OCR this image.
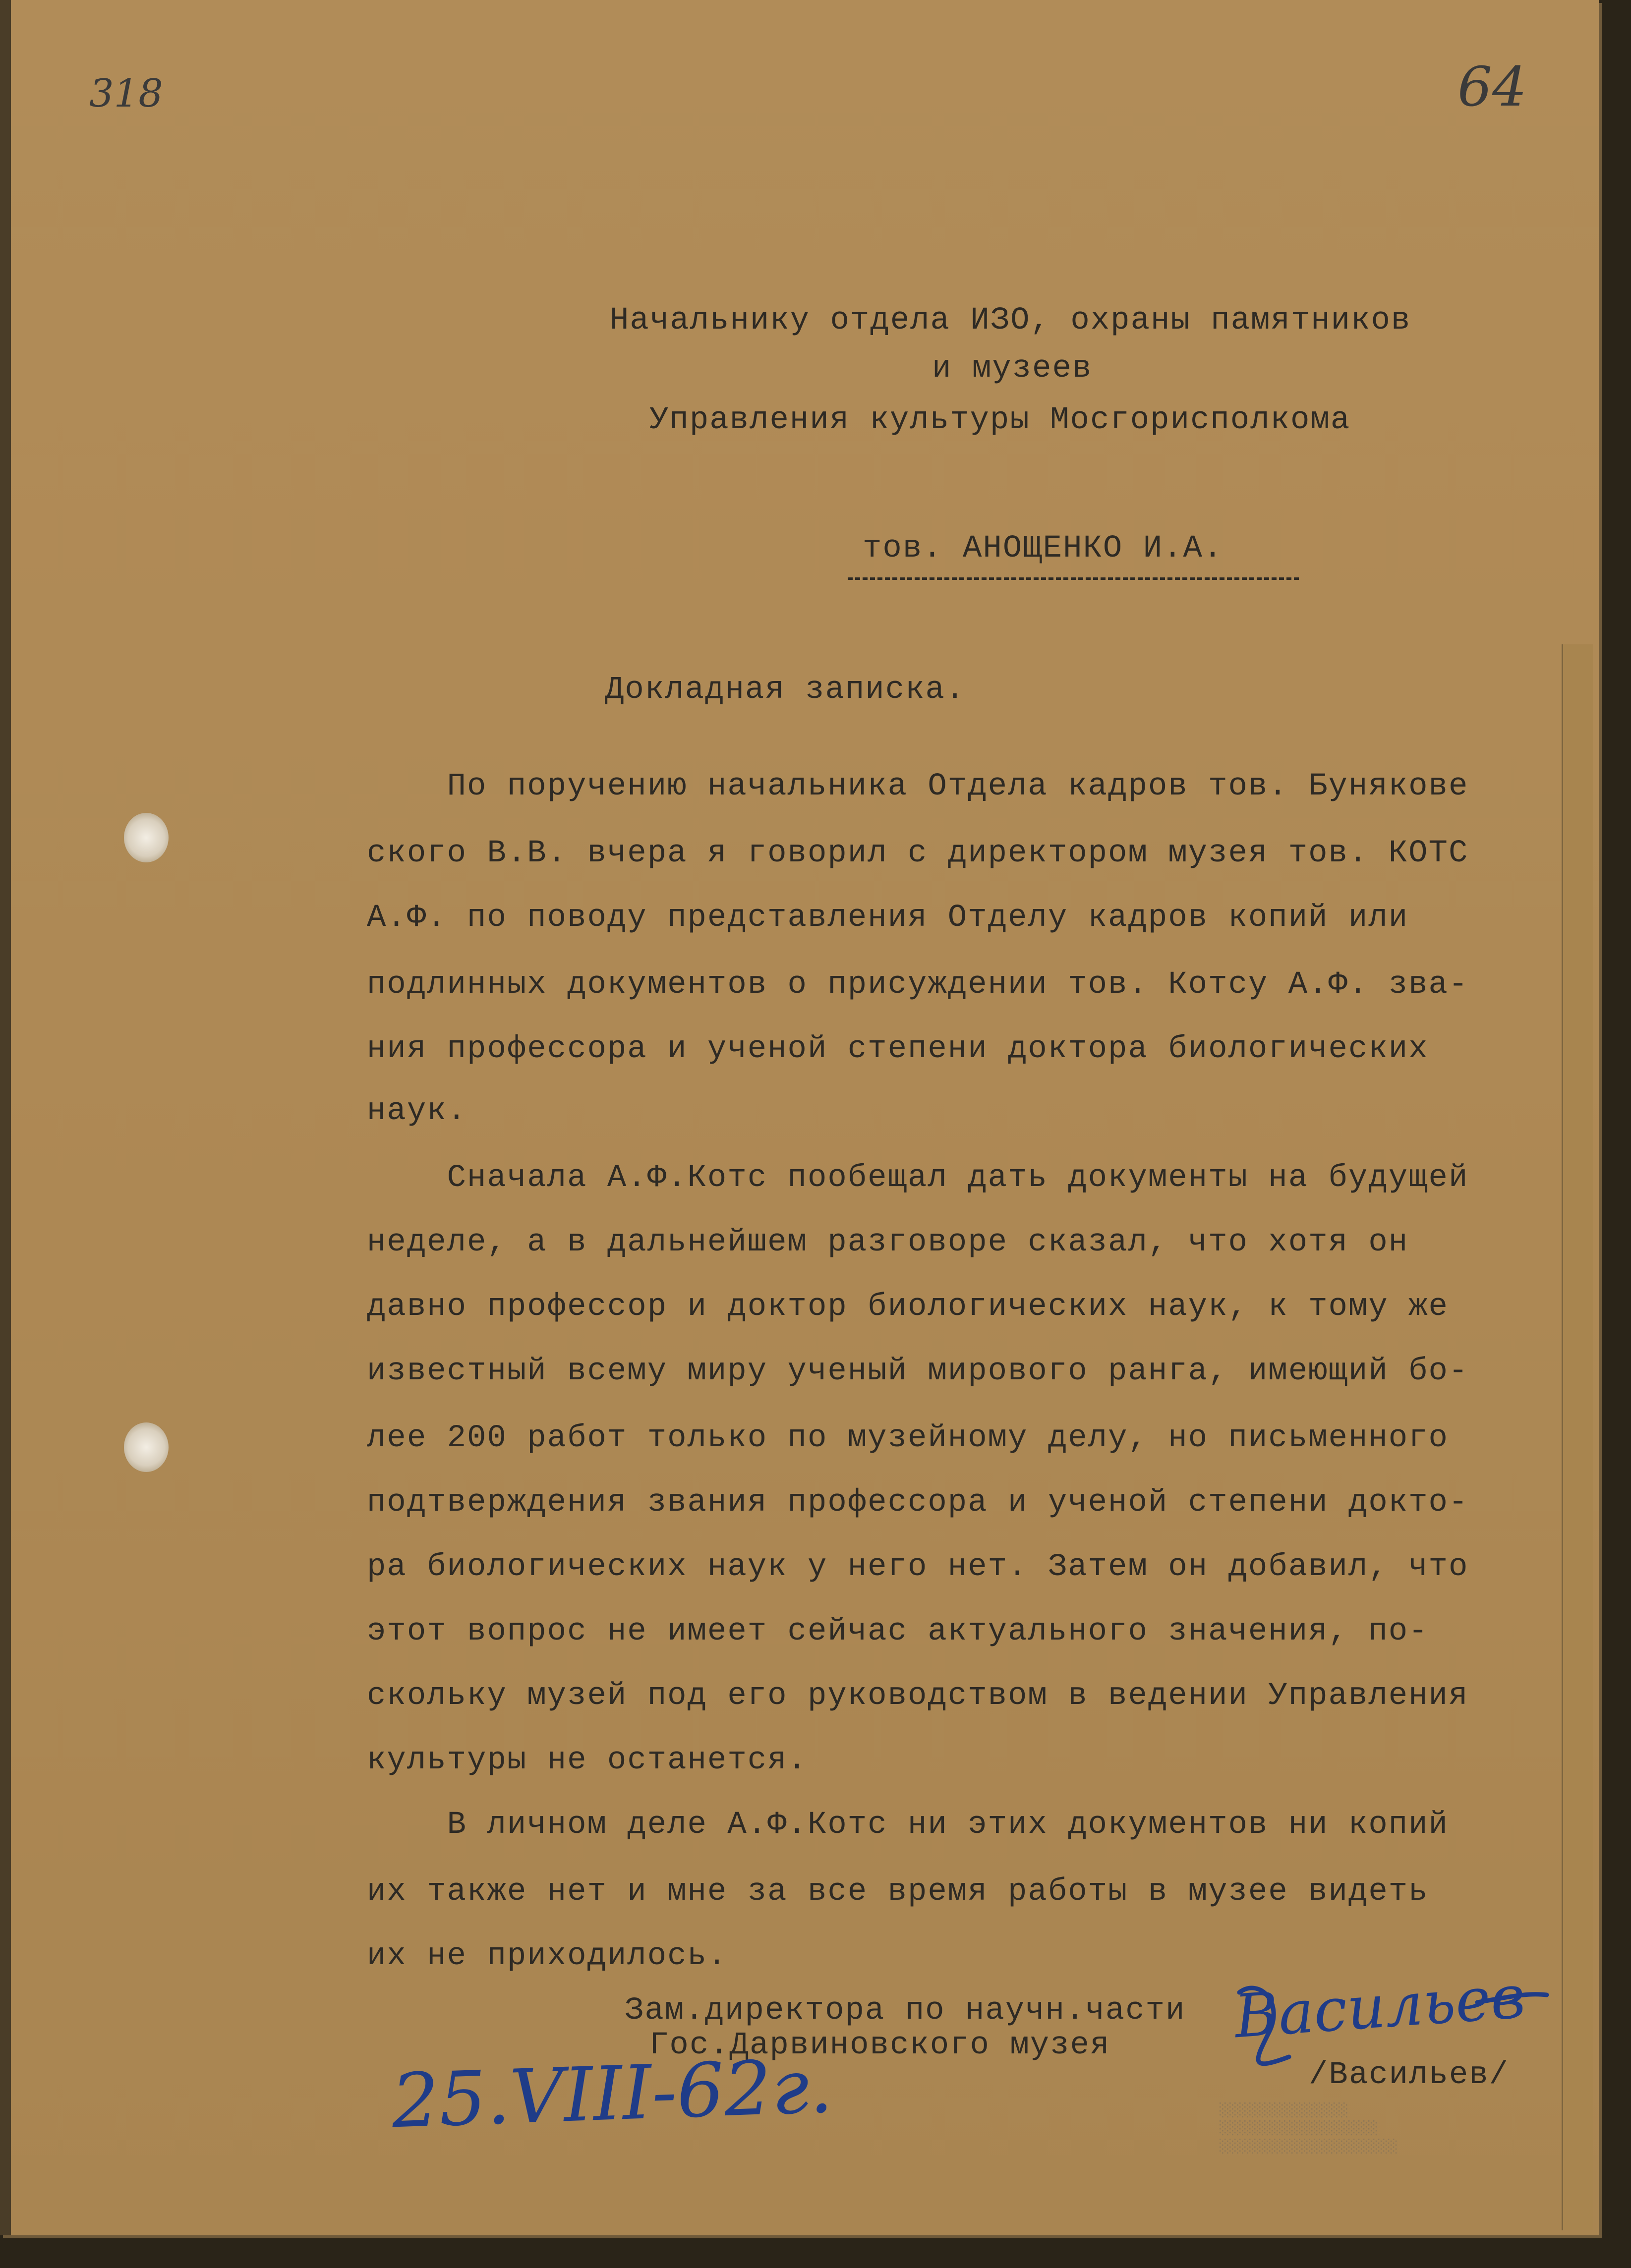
318	64
Начальнику отдела ИЗО, охраны памятников
и музеев
Управления культуры Мосгорисполкома
тов. АНОЩЕНКО И.А.
Докладная записка.
По поручению начальника Отдела кадров тов. Бунякове
ского В.В. вчера я говорил с директором музея тов. КОТС
А.Ф. по поводу представления Отделу кадров копий или
подлинных документов о присуждении тов. Котсу А.Ф. зва-
ния профессора и ученой степени доктора биологических
наук.
Сначала А.Ф.Котс пообещал дать документы на будущей
неделе, а в дальнейшем разговоре сказал, что хотя он
давно профессор и доктор биологических наук, к тому же
известный всему миру ученый мирового ранга, имеющий бо-
лее 200 работ только по музейному делу, но письменного
подтверждения звания профессора и ученой степени докто-
ра биологических наук у него нет. Затем он добавил, что
этот вопрос не имеет сейчас актуального значения, по-
скольку музей под его руководством в ведении Управления
культуры не останется.
В личном деле А.Ф.Котс ни этих документов ни копий
их также нет и мне за все время работы в музее видеть
их не приходилось.
Зам.директора по научн.части
Гос.Дарвиновского музея
/Васильев/
Васильев
25.VIII-62г.	░░░░░░░░░░░░░
░░░░░░░░░░░░░░░░
░░░░░░░░░░░░░░░░░░
